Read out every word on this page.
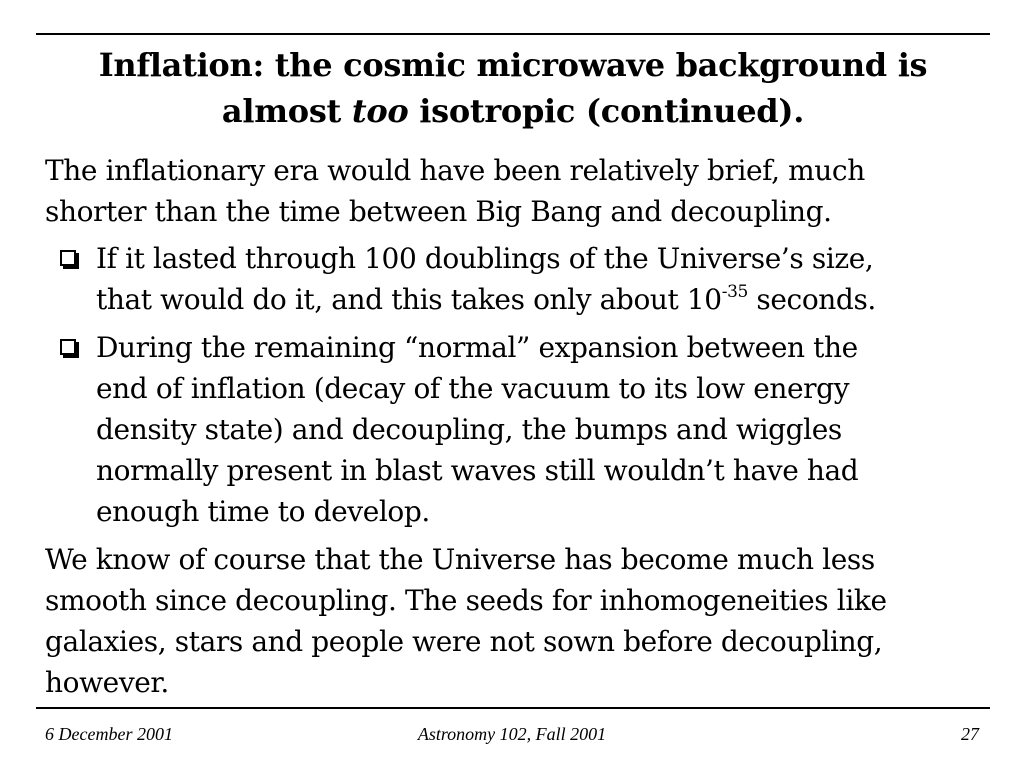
Inflation: the cosmic microwave background is
almost too isotropic (continued).

The inflationary era would have been relatively brief, much
shorter than the time between Big Bang and decoupling.

If it lasted through 100 doublings of the Universe’s size,
that would do it, and this takes only about $10^{-35}$ seconds.
During the remaining “normal” expansion between the
end of inflation (decay of the vacuum to its low energy
density state) and decoupling, the bumps and wiggles
normally present in blast waves still wouldn’t have had
enough time to develop.

We know of course that the Universe has become much less
smooth since decoupling. The seeds for inhomogeneities like
galaxies, stars and people were not sown before decoupling,
however.

6 December 2001	Astronomy 102, Fall 2001	27
